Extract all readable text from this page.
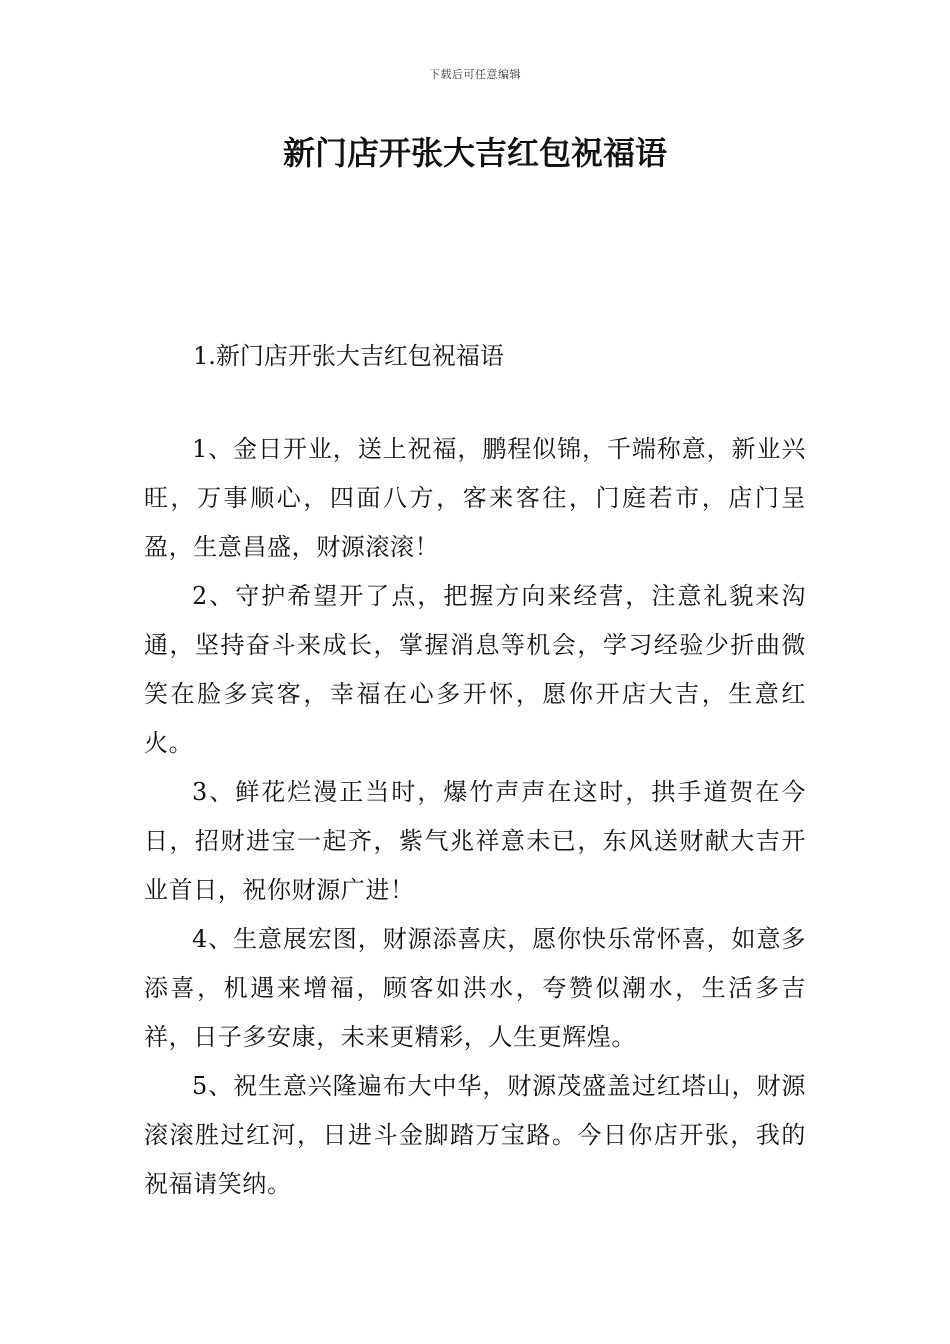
下载后可任意编辑
新门店开张大吉红包祝福语
1.新门店开张大吉红包祝福语

1、金日开业，送上祝福，鹏程似锦，千端称意，新业兴旺，万事顺心，四面八方，客来客往，门庭若市，店门呈盈，生意昌盛，财源滚滚！

2、守护希望开了点，把握方向来经营，注意礼貌来沟通，坚持奋斗来成长，掌握消息等机会，学习经验少折曲微笑在脸多宾客，幸福在心多开怀，愿你开店大吉，生意红火。

3、鲜花烂漫正当时，爆竹声声在这时，拱手道贺在今日，招财进宝一起齐，紫气兆祥意未已，东风送财献大吉开业首日，祝你财源广进！

4、生意展宏图，财源添喜庆，愿你快乐常怀喜，如意多添喜，机遇来增福，顾客如洪水，夸赞似潮水，生活多吉祥，日子多安康，未来更精彩，人生更辉煌。

5、祝生意兴隆遍布大中华，财源茂盛盖过红塔山，财源滚滚胜过红河，日进斗金脚踏万宝路。今日你店开张，我的祝福请笑纳。
